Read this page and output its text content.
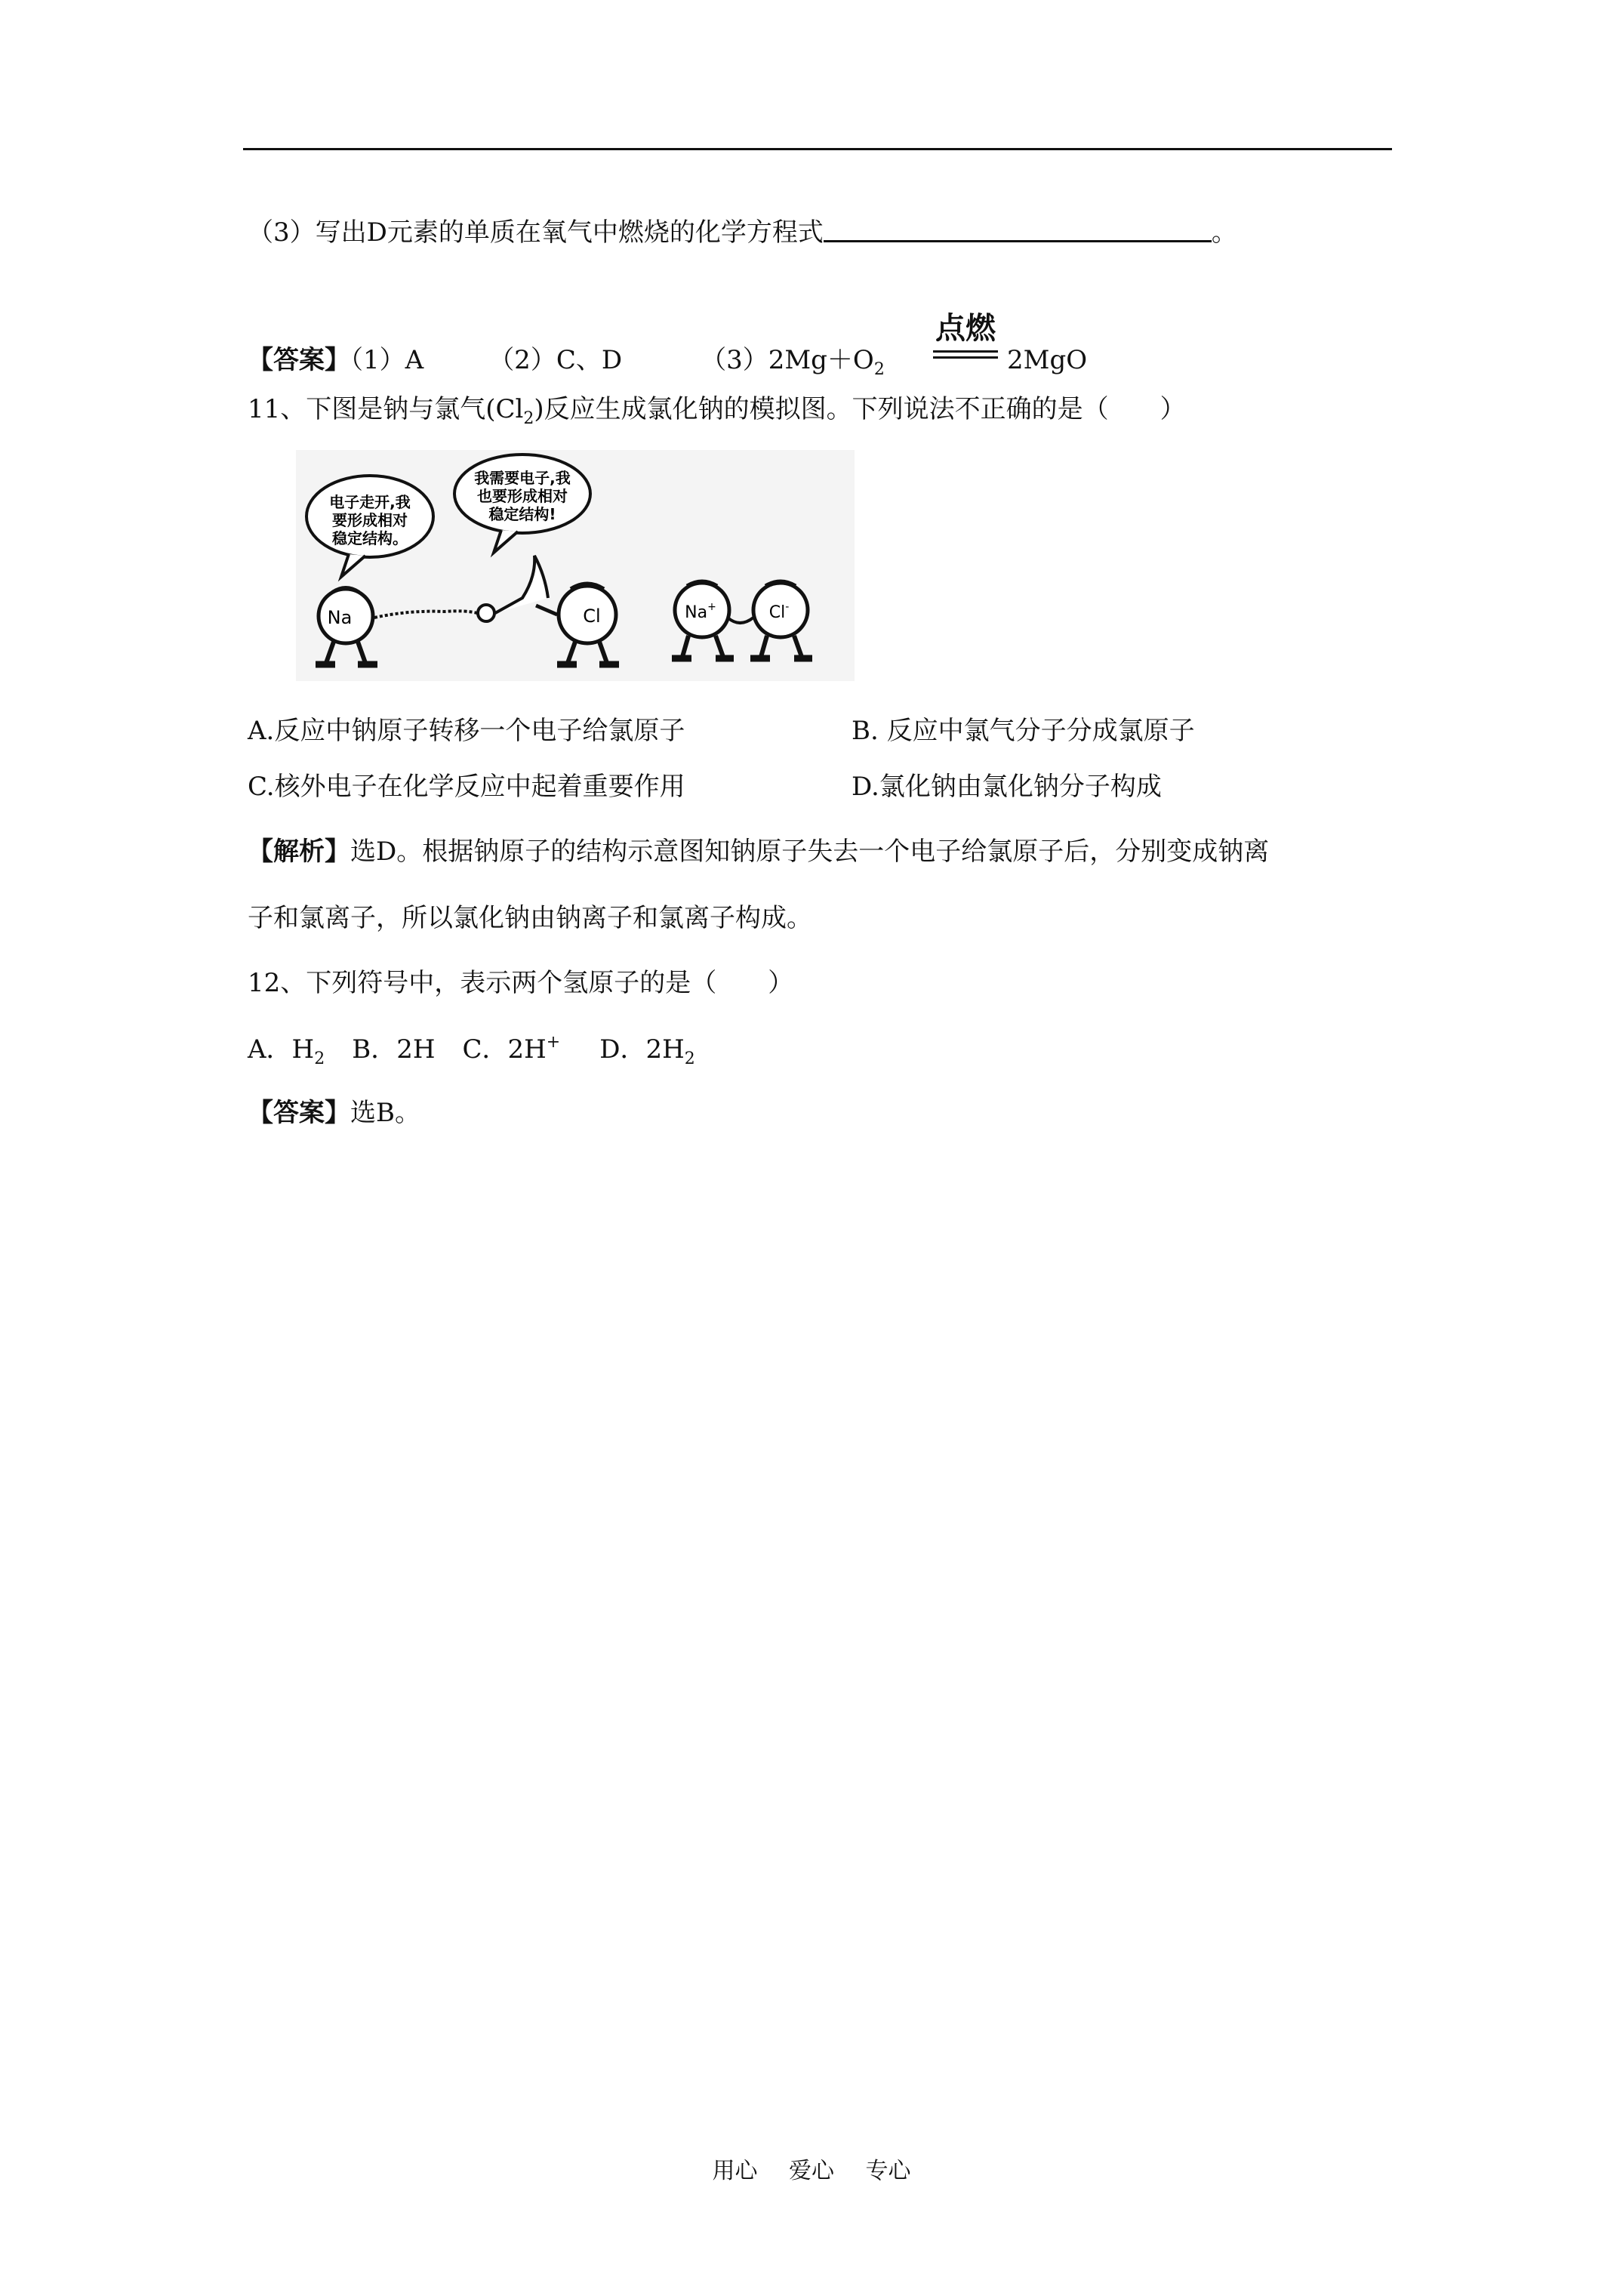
（3）写出D元素的单质在氧气中燃烧的化学方程式	。
【答案】（1）A	（2）C、D	$(3)2Mg+O_2$
点燃
2MgO
11、下图是钠与氯气$(Cl_2)$反应生成氯化钠的模拟图。下列说法不正确的是（　　）
电子走开,我
要形成相对
稳定结构。
我需要电子,我
也要形成相对
稳定结构!
Na	Cl	Na+	Cl-
A.反应中钠原子转移一个电子给氯原子	B. 反应中氯气分子分成氯原子
C.核外电子在化学反应中起着重要作用	D.氯化钠由氯化钠分子构成
【解析】选D。根据钠原子的结构示意图知钠原子失去一个电子给氯原子后，分别变成钠离
子和氯离子，所以氯化钠由钠离子和氯离子构成。
12、下列符号中，表示两个氢原子的是（　　）
A．$H_2$ B．2H C．2H+ D．$2H_2$
【答案】选B。
用心 爱心 专心
